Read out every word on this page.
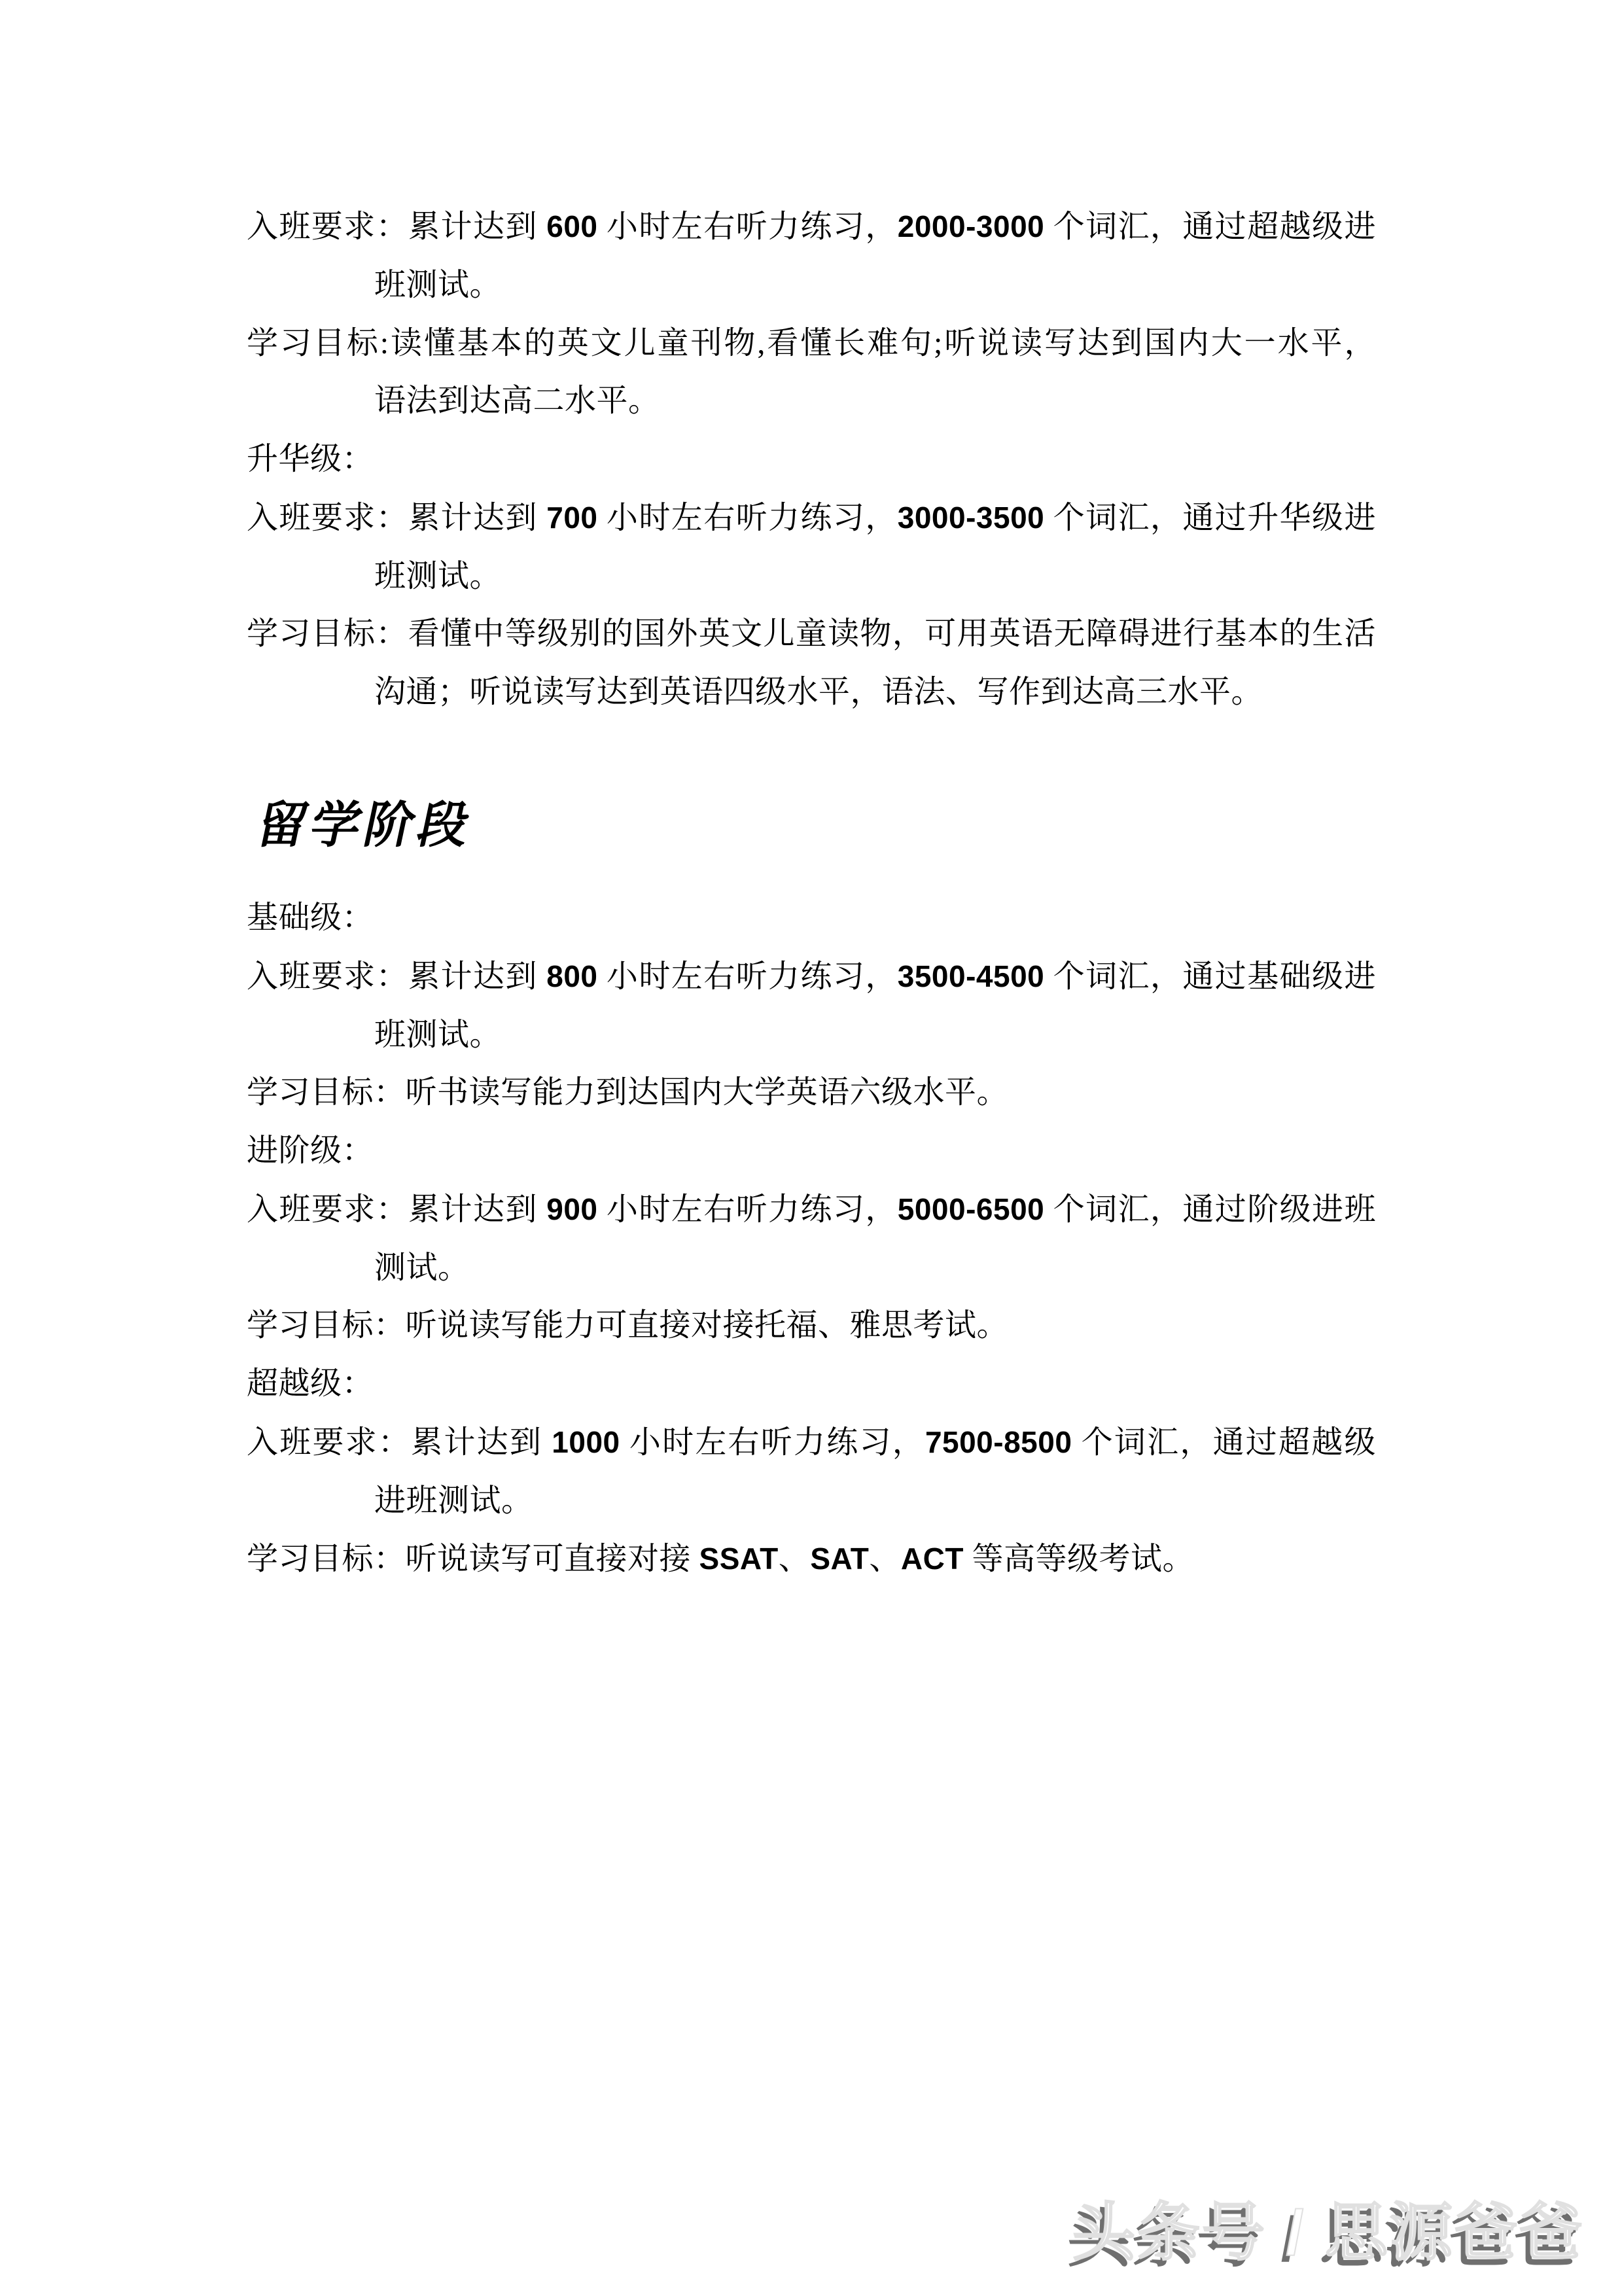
入班要求：累计达到 600 小时左右听力练习，2000-3000 个词汇，通过超越级进
班测试。
学习目标:读懂基本的英文儿童刊物,看懂长难句;听说读写达到国内大一水平，
语法到达高二水平。
升华级：
入班要求：累计达到 700 小时左右听力练习，3000-3500 个词汇，通过升华级进
班测试。
学习目标：看懂中等级别的国外英文儿童读物，可用英语无障碍进行基本的生活
沟通；听说读写达到英语四级水平，语法、写作到达高三水平。
留学阶段
基础级：
入班要求：累计达到 800 小时左右听力练习，3500-4500 个词汇，通过基础级进
班测试。
学习目标：听书读写能力到达国内大学英语六级水平。
进阶级：
入班要求：累计达到 900 小时左右听力练习，5000-6500 个词汇，通过阶级进班
测试。
学习目标：听说读写能力可直接对接托福、雅思考试。
超越级：
入班要求：累计达到 1000 小时左右听力练习，7500-8500 个词汇，通过超越级
进班测试。
学习目标：听说读写可直接对接 SSAT、SAT、ACT 等高等级考试。
头条号 / 思源爸爸
